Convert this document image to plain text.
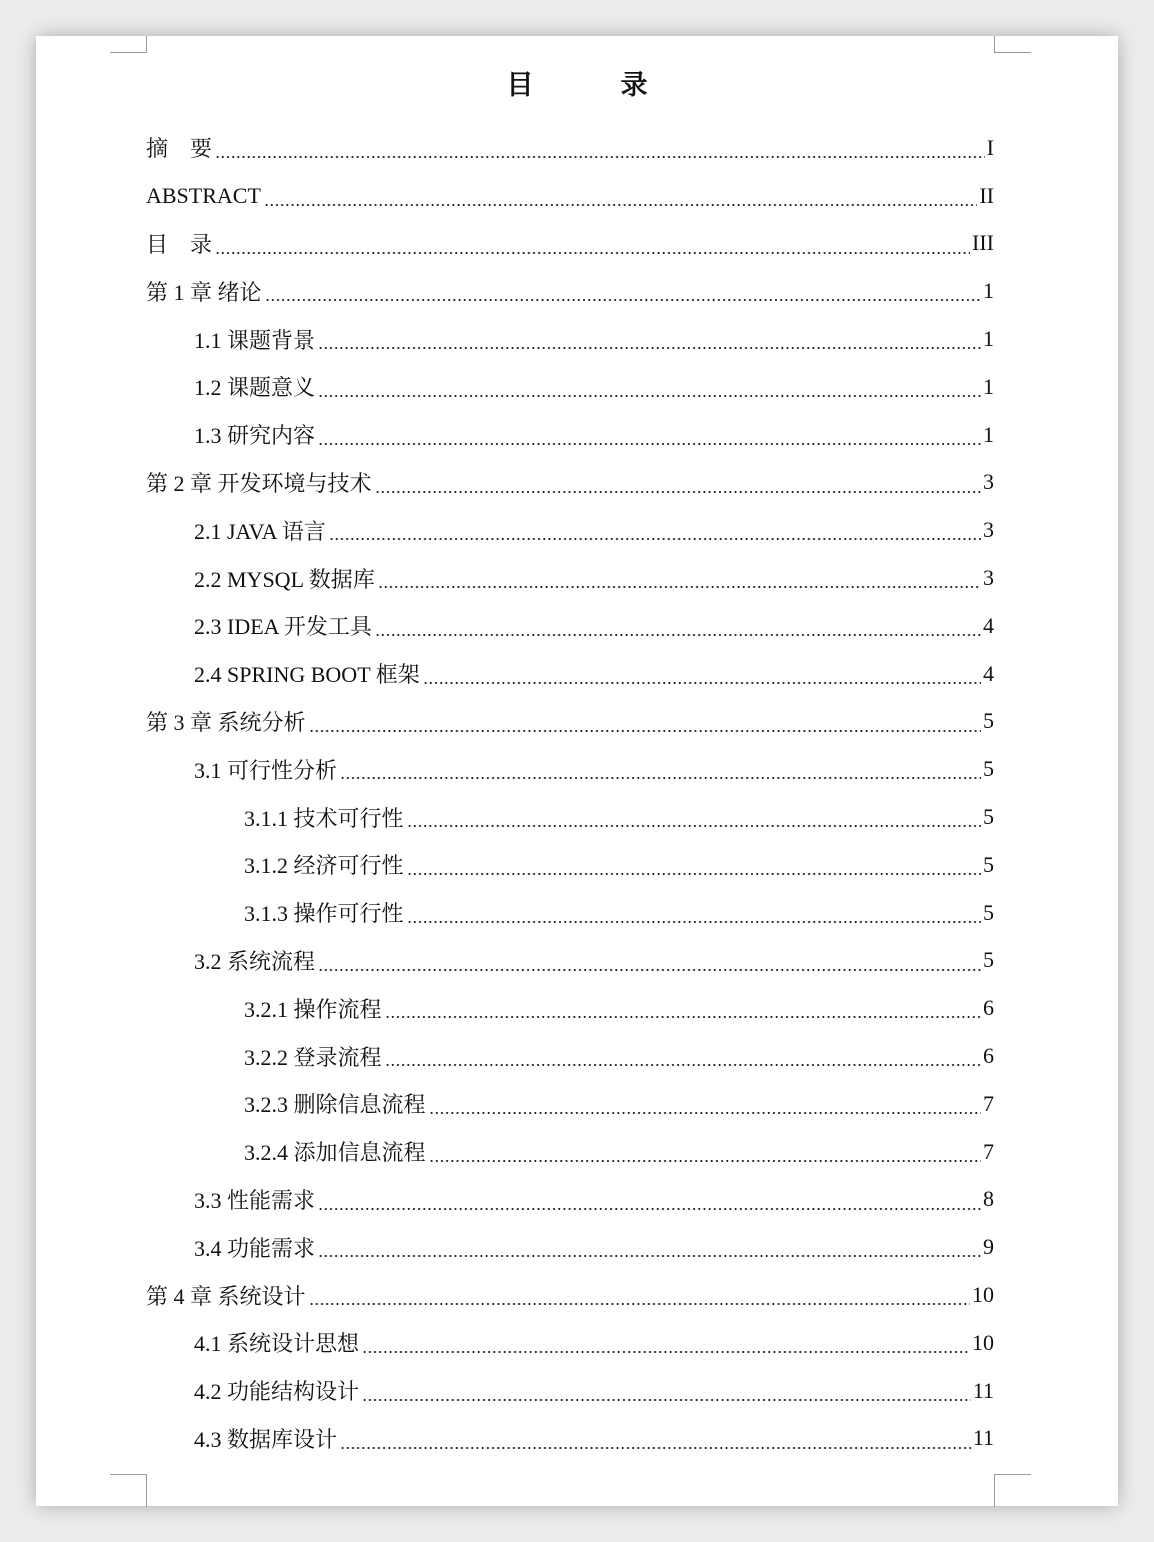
目　录
摘　要	I
ABSTRACT	II
目　录	III
第 1 章 绪论	1
1.1 课题背景	1
1.2 课题意义	1
1.3 研究内容	1
第 2 章 开发环境与技术	3
2.1 JAVA 语言	3
2.2 MYSQL 数据库	3
2.3 IDEA 开发工具	4
2.4 SPRING BOOT 框架	4
第 3 章 系统分析	5
3.1 可行性分析	5
3.1.1 技术可行性	5
3.1.2 经济可行性	5
3.1.3 操作可行性	5
3.2 系统流程	5
3.2.1 操作流程	6
3.2.2 登录流程	6
3.2.3 删除信息流程	7
3.2.4 添加信息流程	7
3.3 性能需求	8
3.4 功能需求	9
第 4 章 系统设计	10
4.1 系统设计思想	10
4.2 功能结构设计	11
4.3 数据库设计	11
